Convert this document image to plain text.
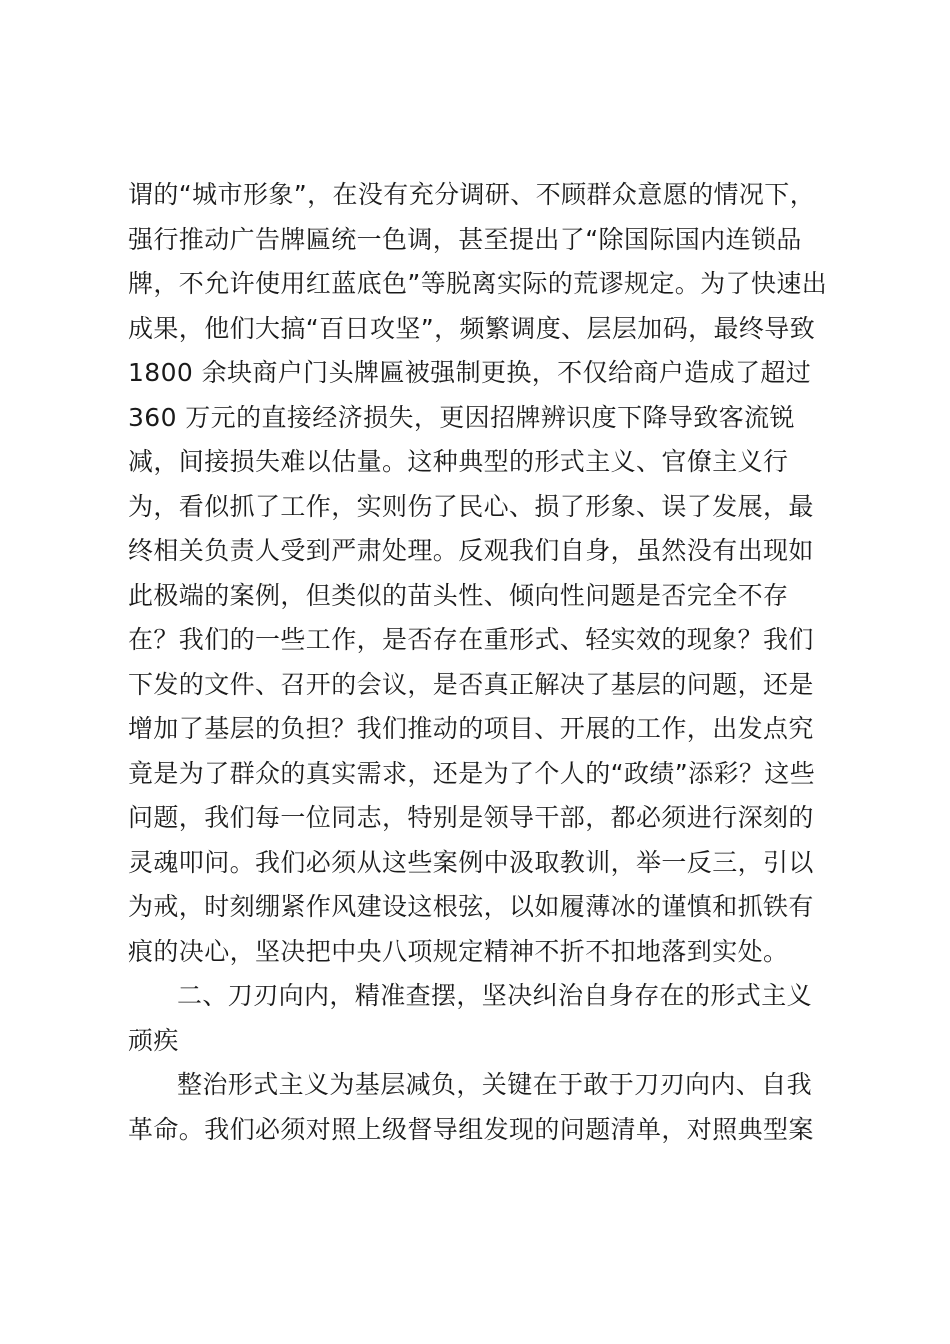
谓的“城市形象”，在没有充分调研、不顾群众意愿的情况下，
强行推动广告牌匾统一色调，甚至提出了“除国际国内连锁品
牌，不允许使用红蓝底色”等脱离实际的荒谬规定。为了快速出
成果，他们大搞“百日攻坚”，频繁调度、层层加码，最终导致
1800 余块商户门头牌匾被强制更换，不仅给商户造成了超过
360 万元的直接经济损失，更因招牌辨识度下降导致客流锐
减，间接损失难以估量。这种典型的形式主义、官僚主义行
为，看似抓了工作，实则伤了民心、损了形象、误了发展，最
终相关负责人受到严肃处理。反观我们自身，虽然没有出现如
此极端的案例，但类似的苗头性、倾向性问题是否完全不存
在？我们的一些工作，是否存在重形式、轻实效的现象？我们
下发的文件、召开的会议，是否真正解决了基层的问题，还是
增加了基层的负担？我们推动的项目、开展的工作，出发点究
竟是为了群众的真实需求，还是为了个人的“政绩”添彩？这些
问题，我们每一位同志，特别是领导干部，都必须进行深刻的
灵魂叩问。我们必须从这些案例中汲取教训，举一反三，引以
为戒，时刻绷紧作风建设这根弦，以如履薄冰的谨慎和抓铁有
痕的决心，坚决把中央八项规定精神不折不扣地落到实处。
二、刀刃向内，精准查摆，坚决纠治自身存在的形式主义
顽疾
整治形式主义为基层减负，关键在于敢于刀刃向内、自我
革命。我们必须对照上级督导组发现的问题清单，对照典型案
